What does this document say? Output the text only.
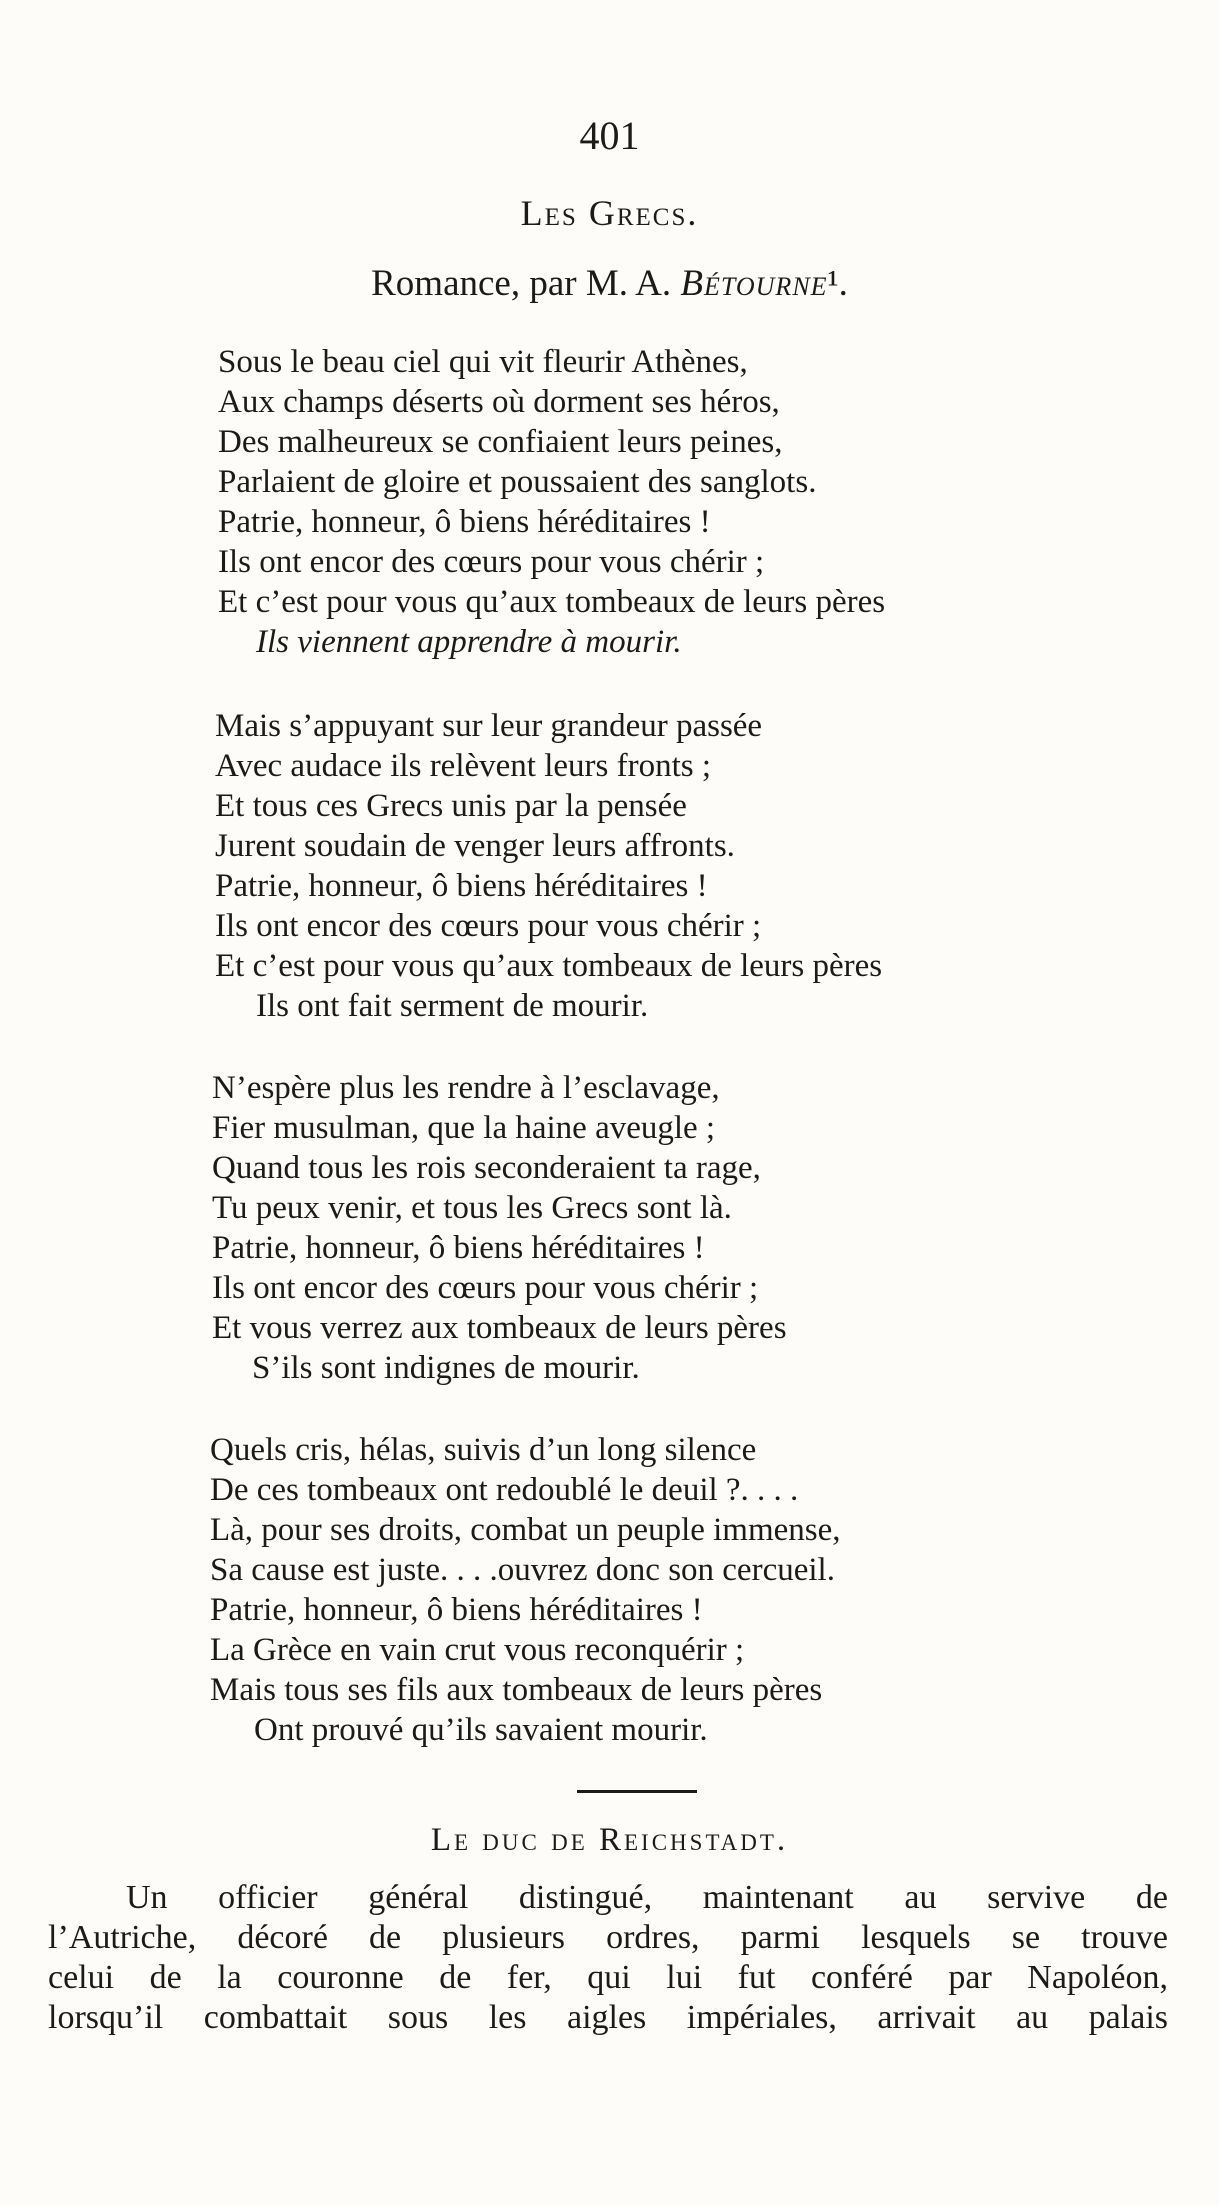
401
Les Grecs.
Romance, par M. A. Bétourne¹.
Sous le beau ciel qui vit fleurir Athènes,
Aux champs déserts où dorment ses héros,
Des malheureux se confiaient leurs peines,
Parlaient de gloire et poussaient des sanglots.
Patrie, honneur, ô biens héréditaires !
Ils ont encor des cœurs pour vous chérir ;
Et c’est pour vous qu’aux tombeaux de leurs pères
Ils viennent apprendre à mourir.
Mais s’appuyant sur leur grandeur passée
Avec audace ils relèvent leurs fronts ;
Et tous ces Grecs unis par la pensée
Jurent soudain de venger leurs affronts.
Patrie, honneur, ô biens héréditaires !
Ils ont encor des cœurs pour vous chérir ;
Et c’est pour vous qu’aux tombeaux de leurs pères
Ils ont fait serment de mourir.
N’espère plus les rendre à l’esclavage,
Fier musulman, que la haine aveugle ;
Quand tous les rois seconderaient ta rage,
Tu peux venir, et tous les Grecs sont là.
Patrie, honneur, ô biens héréditaires !
Ils ont encor des cœurs pour vous chérir ;
Et vous verrez aux tombeaux de leurs pères
S’ils sont indignes de mourir.
Quels cris, hélas, suivis d’un long silence
De ces tombeaux ont redoublé le deuil ?. . . .
Là, pour ses droits, combat un peuple immense,
Sa cause est juste. . . .ouvrez donc son cercueil.
Patrie, honneur, ô biens héréditaires !
La Grèce en vain crut vous reconquérir ;
Mais tous ses fils aux tombeaux de leurs pères
Ont prouvé qu’ils savaient mourir.
Le duc de Reichstadt.
Un officier général distingué, maintenant au servive de
l’Autriche, décoré de plusieurs ordres, parmi lesquels se trouve
celui de la couronne de fer, qui lui fut conféré par Napoléon,
lorsqu’il combattait sous les aigles impériales, arrivait au palais
